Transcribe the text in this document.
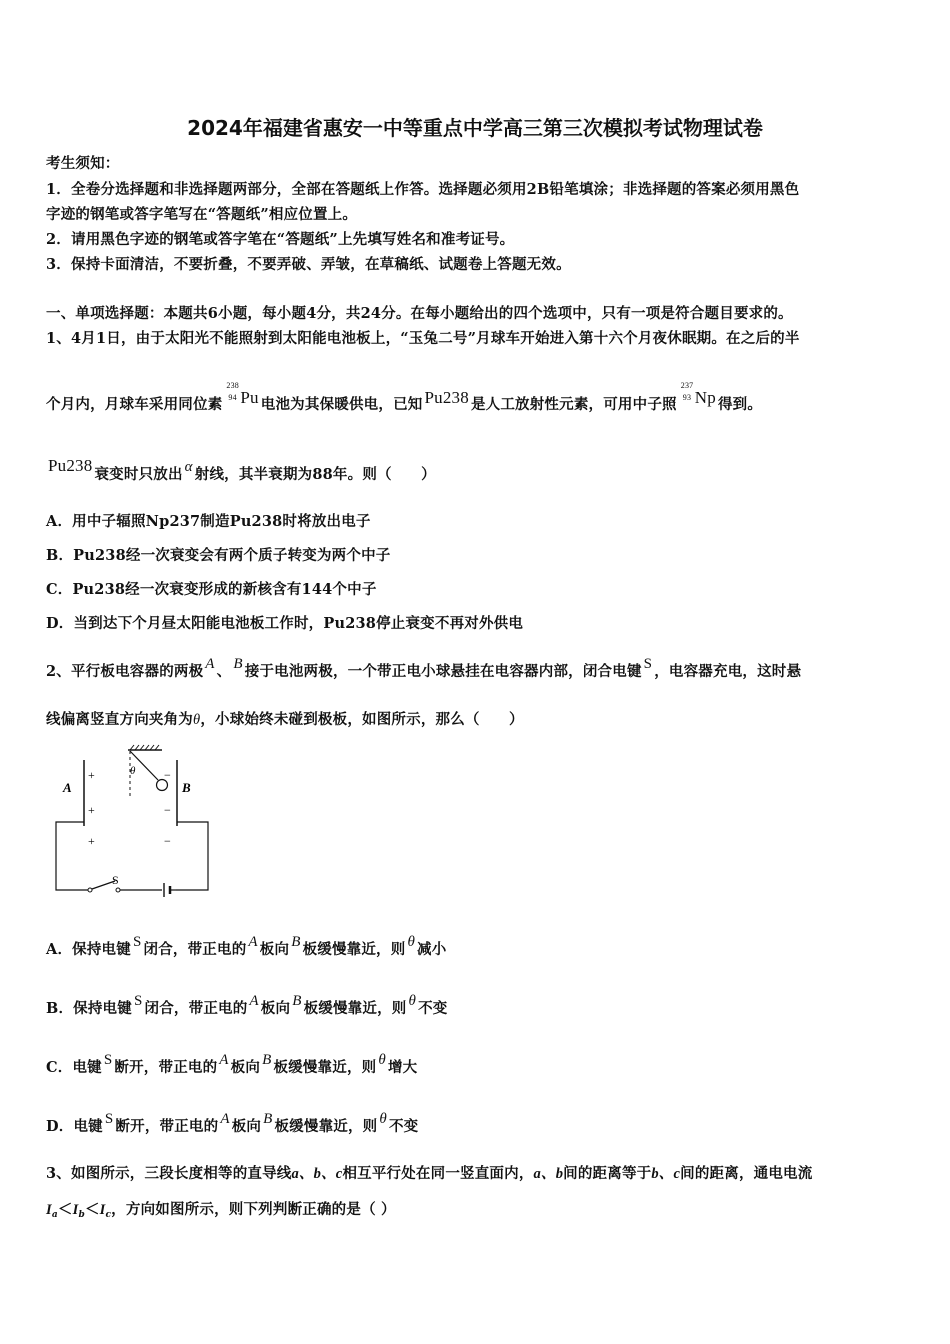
2024年福建省惠安一中等重点中学高三第三次模拟考试物理试卷
考生须知：
1．全卷分选择题和非选择题两部分，全部在答题纸上作答。选择题必须用2B铅笔填涂；非选择题的答案必须用黑色
字迹的钢笔或答字笔写在“答题纸”相应位置上。
2．请用黑色字迹的钢笔或答字笔在“答题纸”上先填写姓名和准考证号。
3．保持卡面清洁，不要折叠，不要弄破、弄皱，在草稿纸、试题卷上答题无效。
一、单项选择题：本题共6小题，每小题4分，共24分。在每小题给出的四个选项中，只有一项是符合题目要求的。
1、4月1日，由于太阳光不能照射到太阳能电池板上，“玉兔二号”月球车开始进入第十六个月夜休眠期。在之后的半
个月内，月球车采用同位素
238
94 Pu 电池为其保暖供电，已知 Pu238 是人工放射性元素，可用中子照
237
93 Np 得到。
Pu238 衰变时只放出 α 射线，其半衰期为88年。则（　　）
A．用中子辐照Np237制造Pu238时将放出电子
B．Pu238经一次衰变会有两个质子转变为两个中子
C．Pu238经一次衰变形成的新核含有144个中子
D．当到达下个月昼太阳能电池板工作时，Pu238停止衰变不再对外供电
2、平行板电容器的两极 A 、 B 接于电池两极，一个带正电小球悬挂在电容器内部，闭合电键 S ，电容器充电，这时悬
线偏离竖直方向夹角为θ，小球始终未碰到极板，如图所示，那么（　　）
θ
A	B
+
+
+
−
−
−
S
A．保持电键 S 闭合，带正电的 A 板向 B 板缓慢靠近，则 θ 减小
B．保持电键 S 闭合，带正电的 A 板向 B 板缓慢靠近，则 θ 不变
C．电键 S 断开，带正电的 A 板向 B 板缓慢靠近，则 θ 增大
D．电键 S 断开，带正电的 A 板向 B 板缓慢靠近，则 θ 不变
3、如图所示，三段长度相等的直导线a、b、c相互平行处在同一竖直面内，a、b间的距离等于b、c间的距离，通电电流
$I_a<I_b<I_c$，方向如图所示，则下列判断正确的是（ ）
